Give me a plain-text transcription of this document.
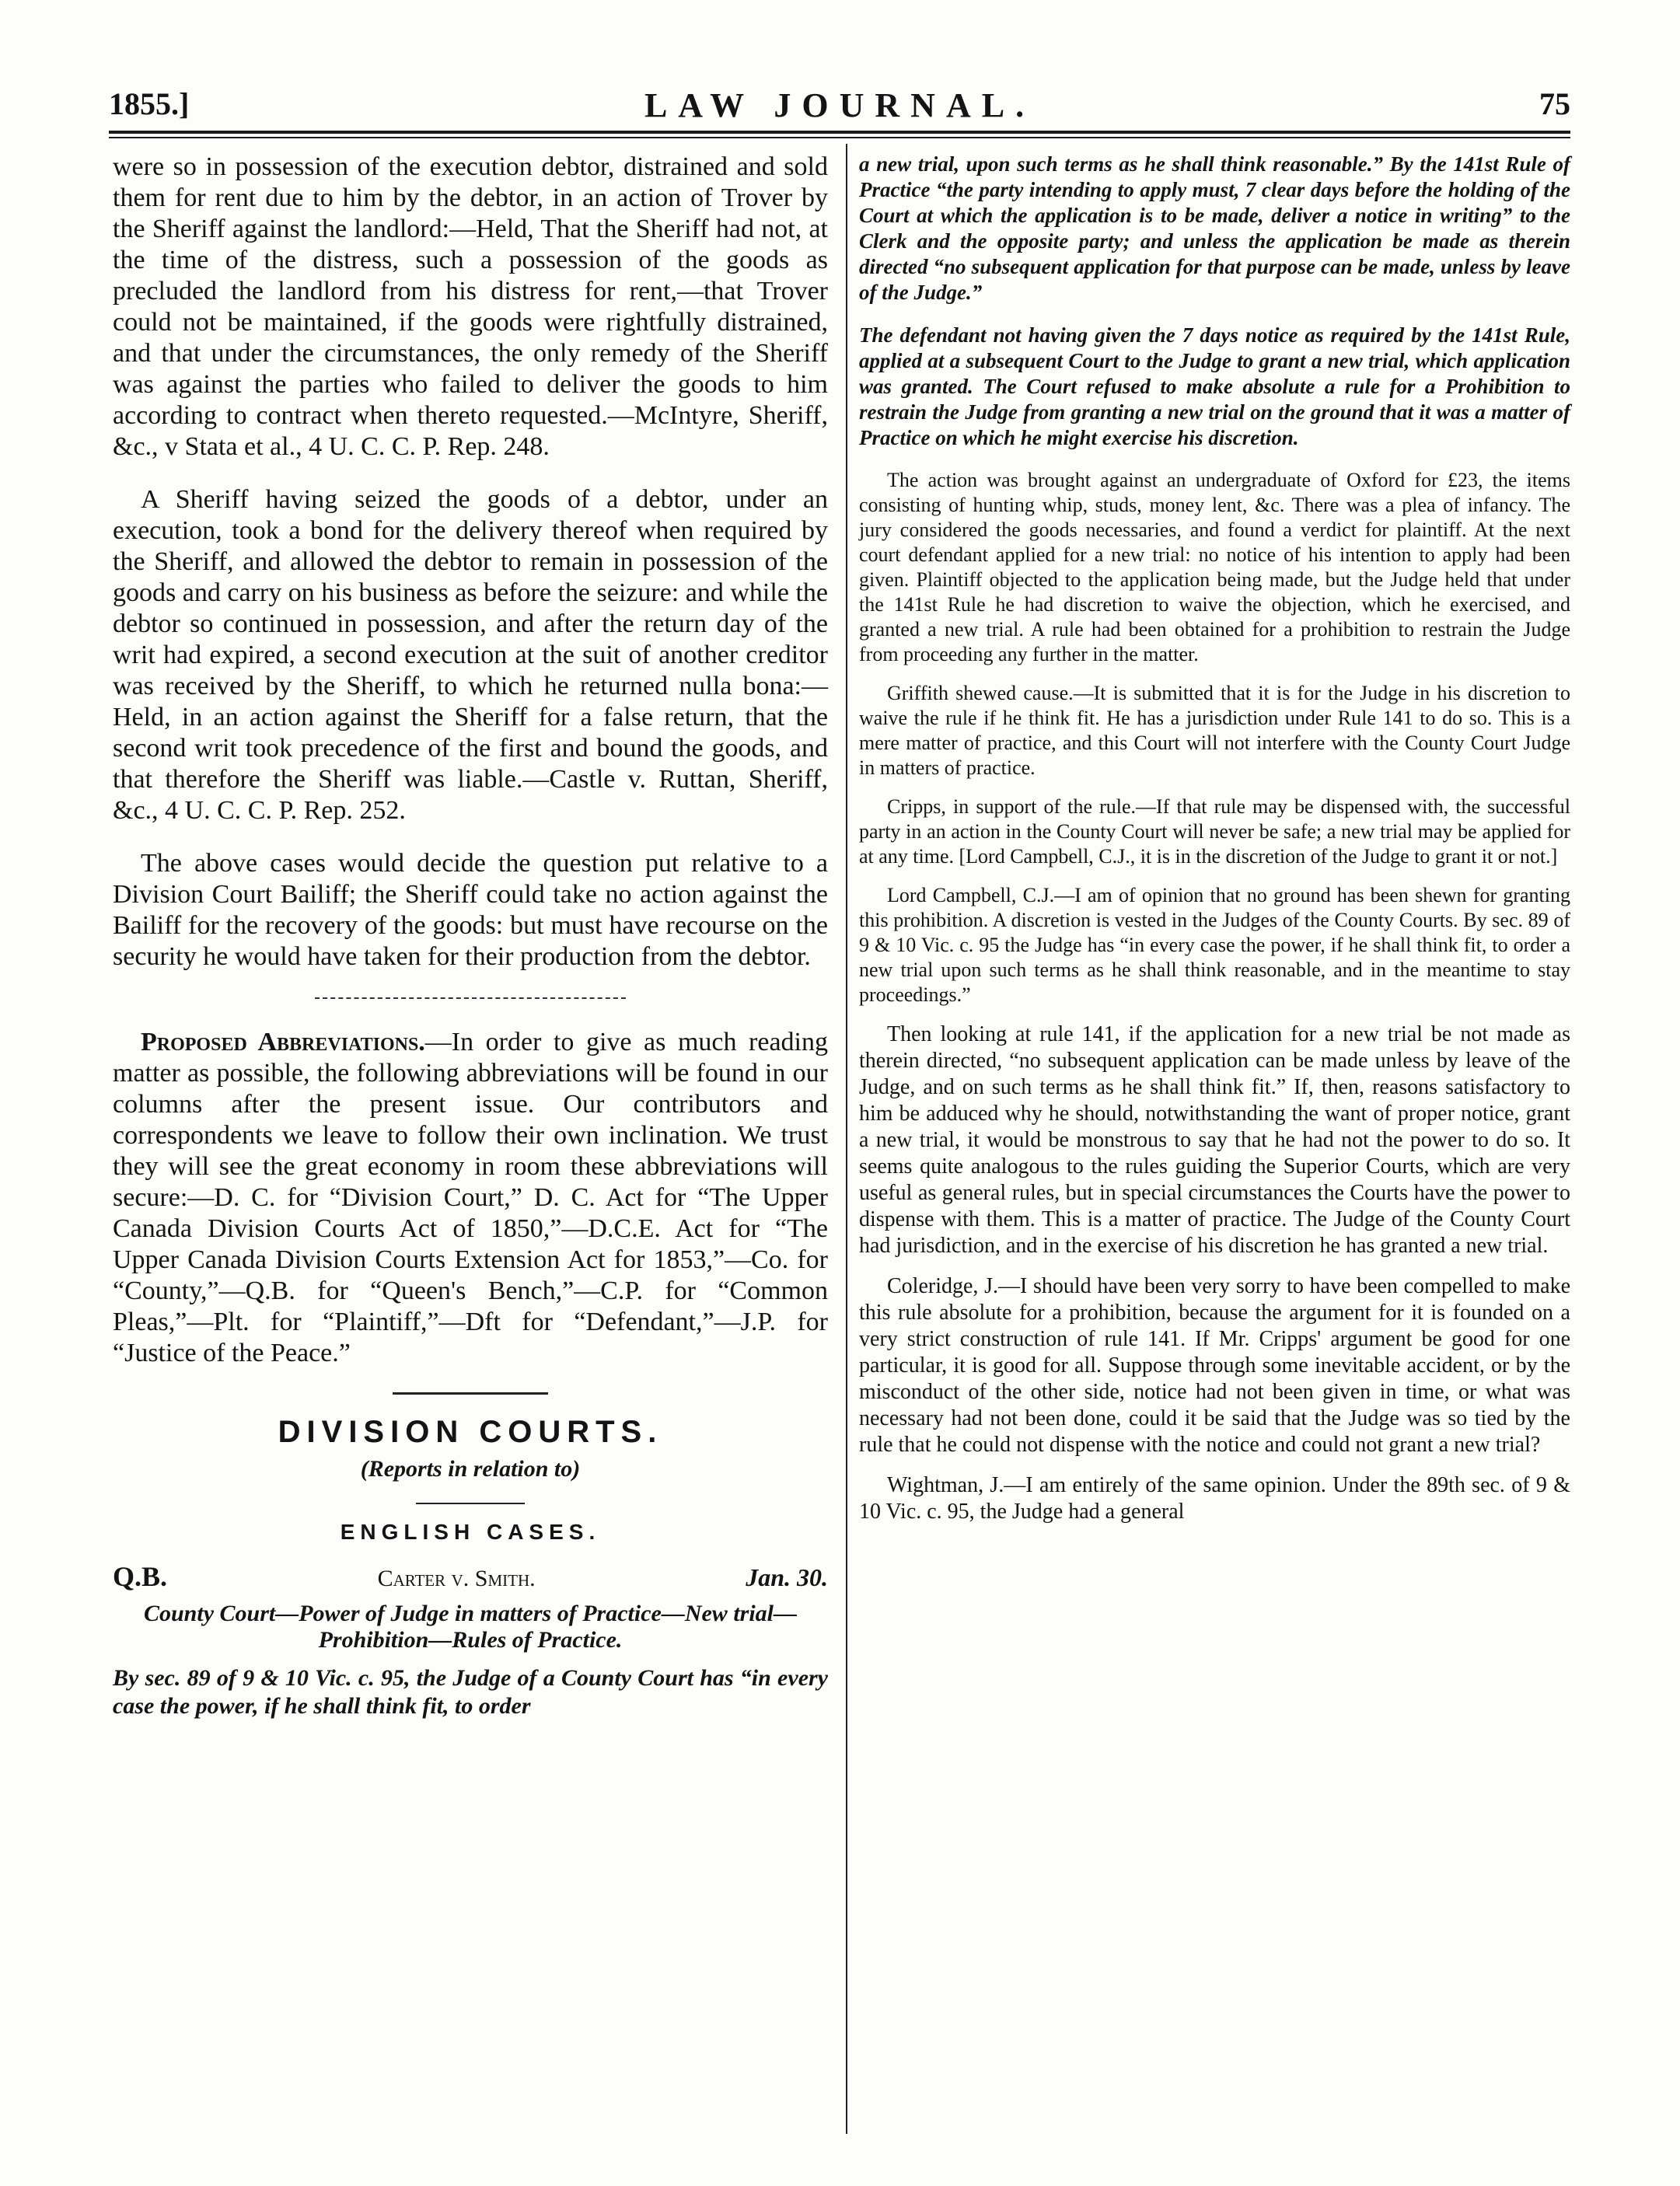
1855.]	LAW JOURNAL.	75

were so in possession of the execution debtor, distrained and sold them for rent due to him by the debtor, in an action of Trover by the Sheriff against the landlord:—Held, That the Sheriff had not, at the time of the distress, such a possession of the goods as precluded the landlord from his distress for rent,—that Trover could not be maintained, if the goods were rightfully distrained, and that under the circumstances, the only remedy of the Sheriff was against the parties who failed to deliver the goods to him according to contract when thereto requested.—McIntyre, Sheriff, &c., v Stata et al., 4 U. C. C. P. Rep. 248.

A Sheriff having seized the goods of a debtor, under an execution, took a bond for the delivery thereof when required by the Sheriff, and allowed the debtor to remain in possession of the goods and carry on his business as before the seizure: and while the debtor so continued in possession, and after the return day of the writ had expired, a second execution at the suit of another creditor was received by the Sheriff, to which he returned nulla bona:—Held, in an action against the Sheriff for a false return, that the second writ took precedence of the first and bound the goods, and that therefore the Sheriff was liable.—Castle v. Ruttan, Sheriff, &c., 4 U. C. C. P. Rep. 252.

The above cases would decide the question put relative to a Division Court Bailiff; the Sheriff could take no action against the Bailiff for the recovery of the goods: but must have recourse on the security he would have taken for their production from the debtor.

Proposed Abbreviations.—In order to give as much reading matter as possible, the following abbreviations will be found in our columns after the present issue. Our contributors and correspondents we leave to follow their own inclination. We trust they will see the great economy in room these abbreviations will secure:—D. C. for “Division Court,” D. C. Act for “The Upper Canada Division Courts Act of 1850,”—D.C.E. Act for “The Upper Canada Division Courts Extension Act for 1853,”—Co. for “County,”—Q.B. for “Queen's Bench,”—C.P. for “Common Pleas,”—Plt. for “Plaintiff,”—Dft for “Defendant,”—J.P. for “Justice of the Peace.”

DIVISION COURTS.
(Reports in relation to)
ENGLISH CASES.
Q.B.	Carter v. Smith.	Jan. 30.
County Court—Power of Judge in matters of Practice—New trial—Prohibition—Rules of Practice.

By sec. 89 of 9 & 10 Vic. c. 95, the Judge of a County Court has “in every case the power, if he shall think fit, to order

a new trial, upon such terms as he shall think reasonable.” By the 141st Rule of Practice “the party intending to apply must, 7 clear days before the holding of the Court at which the application is to be made, deliver a notice in writing” to the Clerk and the opposite party; and unless the application be made as therein directed “no subsequent application for that purpose can be made, unless by leave of the Judge.”

The defendant not having given the 7 days notice as required by the 141st Rule, applied at a subsequent Court to the Judge to grant a new trial, which application was granted. The Court refused to make absolute a rule for a Prohibition to restrain the Judge from granting a new trial on the ground that it was a matter of Practice on which he might exercise his discretion.

The action was brought against an undergraduate of Oxford for £23, the items consisting of hunting whip, studs, money lent, &c. There was a plea of infancy. The jury considered the goods necessaries, and found a verdict for plaintiff. At the next court defendant applied for a new trial: no notice of his intention to apply had been given. Plaintiff objected to the application being made, but the Judge held that under the 141st Rule he had discretion to waive the objection, which he exercised, and granted a new trial. A rule had been obtained for a prohibition to restrain the Judge from proceeding any further in the matter.

Griffith shewed cause.—It is submitted that it is for the Judge in his discretion to waive the rule if he think fit. He has a jurisdiction under Rule 141 to do so. This is a mere matter of practice, and this Court will not interfere with the County Court Judge in matters of practice.

Cripps, in support of the rule.—If that rule may be dispensed with, the successful party in an action in the County Court will never be safe; a new trial may be applied for at any time. [Lord Campbell, C.J., it is in the discretion of the Judge to grant it or not.]

Lord Campbell, C.J.—I am of opinion that no ground has been shewn for granting this prohibition. A discretion is vested in the Judges of the County Courts. By sec. 89 of 9 & 10 Vic. c. 95 the Judge has “in every case the power, if he shall think fit, to order a new trial upon such terms as he shall think reasonable, and in the meantime to stay proceedings.”

Then looking at rule 141, if the application for a new trial be not made as therein directed, “no subsequent application can be made unless by leave of the Judge, and on such terms as he shall think fit.” If, then, reasons satisfactory to him be adduced why he should, notwithstanding the want of proper notice, grant a new trial, it would be monstrous to say that he had not the power to do so. It seems quite analogous to the rules guiding the Superior Courts, which are very useful as general rules, but in special circumstances the Courts have the power to dispense with them. This is a matter of practice. The Judge of the County Court had jurisdiction, and in the exercise of his discretion he has granted a new trial.

Coleridge, J.—I should have been very sorry to have been compelled to make this rule absolute for a prohibition, because the argument for it is founded on a very strict construction of rule 141. If Mr. Cripps' argument be good for one particular, it is good for all. Suppose through some inevitable accident, or by the misconduct of the other side, notice had not been given in time, or what was necessary had not been done, could it be said that the Judge was so tied by the rule that he could not dispense with the notice and could not grant a new trial?

Wightman, J.—I am entirely of the same opinion. Under the 89th sec. of 9 & 10 Vic. c. 95, the Judge had a general
